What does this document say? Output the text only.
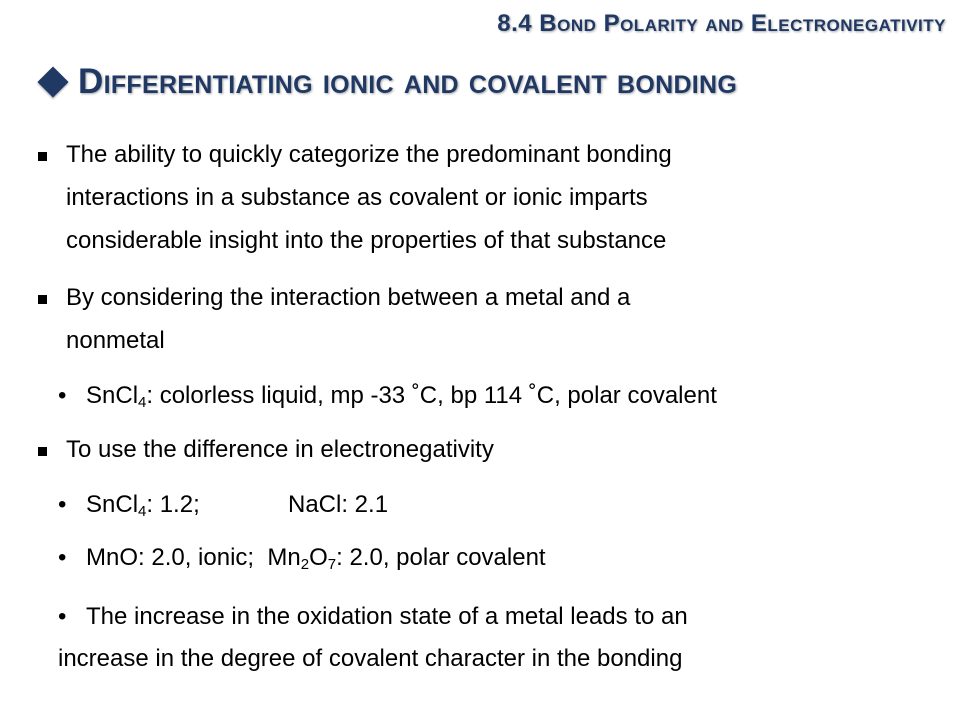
8.4 Bond Polarity and Electronegativity
Differentiating ionic and covalent bonding
The ability to quickly categorize the predominant bonding
interactions in a substance as covalent or ionic imparts
considerable insight into the properties of that substance
By considering the interaction between a metal and a
nonmetal
• SnCl$_4$: colorless liquid, mp -33 ˚C, bp 114 ˚C, polar covalent
To use the difference in electronegativity
• SnCl$_4$: 1.2;	NaCl: 2.1
• MnO: 2.0, ionic; $Mn_2O_7$: 2.0, polar covalent
• The increase in the oxidation state of a metal leads to an
increase in the degree of covalent character in the bonding
